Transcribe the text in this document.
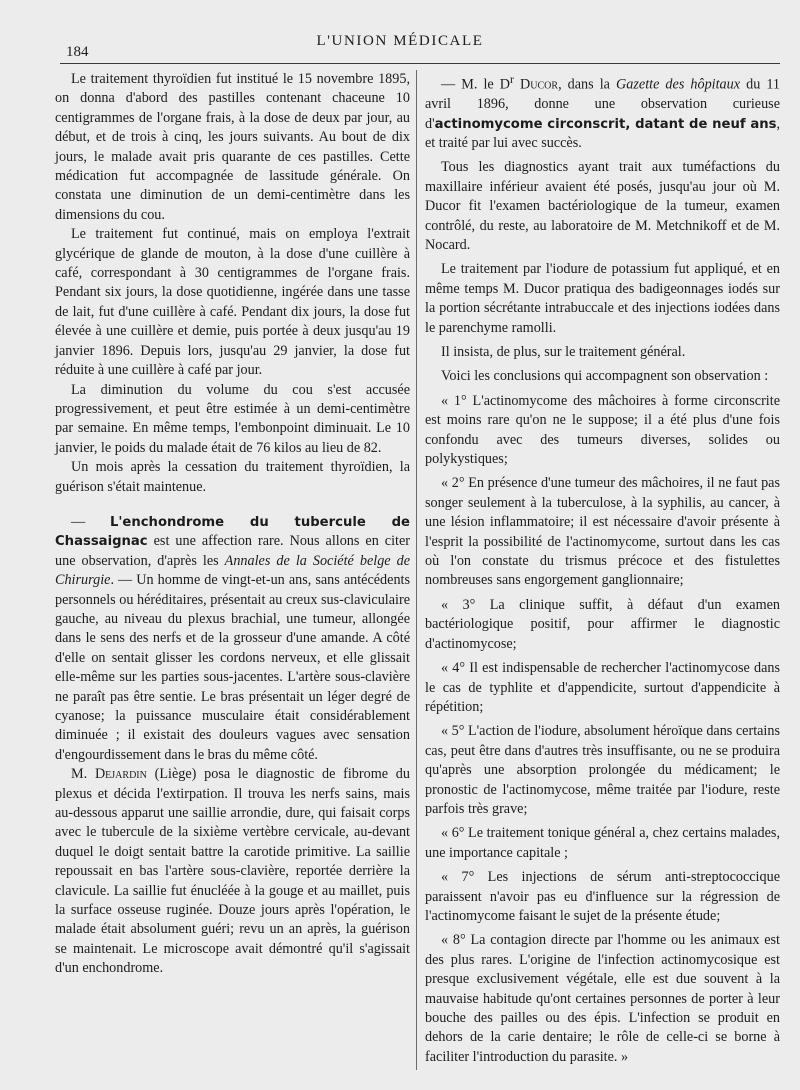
184
L'UNION MÉDICALE

Le traitement thyroïdien fut institué le 15 novembre 1895, on donna d'abord des pastilles contenant chaceune 10 centigrammes de l'organe frais, à la dose de deux par jour, au début, et de trois à cinq, les jours suivants. Au bout de dix jours, le malade avait pris quarante de ces pastilles. Cette médication fut accompagnée de lassitude générale. On constata une diminution de un demi-centimètre dans les dimensions du cou.

Le traitement fut continué, mais on employa l'extrait glycérique de glande de mouton, à la dose d'une cuillère à café, correspondant à 30 centigrammes de l'organe frais. Pendant six jours, la dose quotidienne, ingérée dans une tasse de lait, fut d'une cuillère à café. Pendant dix jours, la dose fut élevée à une cuillère et demie, puis portée à deux jusqu'au 19 janvier 1896. Depuis lors, jusqu'au 29 janvier, la dose fut réduite à une cuillère à café par jour.

La diminution du volume du cou s'est accusée progressivement, et peut être estimée à un demi-centimètre par semaine. En même temps, l'embonpoint diminuait. Le 10 janvier, le poids du malade était de 76 kilos au lieu de 82.

Un mois après la cessation du traitement thyroïdien, la guérison s'était maintenue.

— L'enchondrome du tubercule de Chassaignac est une affection rare. Nous allons en citer une observation, d'après les Annales de la Société belge de Chirurgie. — Un homme de vingt-et-un ans, sans antécédents personnels ou héréditaires, présentait au creux sus-claviculaire gauche, au niveau du plexus brachial, une tumeur, allongée dans le sens des nerfs et de la grosseur d'une amande. A côté d'elle on sentait glisser les cordons nerveux, et elle glissait elle-même sur les parties sous-jacentes. L'artère sous-clavière ne paraît pas être sentie. Le bras présentait un léger degré de cyanose; la puissance musculaire était considérablement diminuée ; il existait des douleurs vagues avec sensation d'engourdissement dans le bras du même côté.

M. Dejardin (Liège) posa le diagnostic de fibrome du plexus et décida l'extirpation. Il trouva les nerfs sains, mais au-dessous apparut une saillie arrondie, dure, qui faisait corps avec le tubercule de la sixième vertèbre cervicale, au-devant duquel le doigt sentait battre la carotide primitive. La saillie repoussait en bas l'artère sous-clavière, reportée derrière la clavicule. La saillie fut énucléée à la gouge et au maillet, puis la surface osseuse ruginée. Douze jours après l'opération, le malade était absolument guéri; revu un an après, la guérison se maintenait. Le microscope avait démontré qu'il s'agissait d'un enchondrome.

— M. le $D^r$ Ducor, dans la Gazette des hôpitaux du 11 avril 1896, donne une observation curieuse d'actinomycome circonscrit, datant de neuf ans, et traité par lui avec succès.

Tous les diagnostics ayant trait aux tuméfactions du maxillaire inférieur avaient été posés, jusqu'au jour où M. Ducor fit l'examen bactériologique de la tumeur, examen contrôlé, du reste, au laboratoire de M. Metchnikoff et de M. Nocard.

Le traitement par l'iodure de potassium fut appliqué, et en même temps M. Ducor pratiqua des badigeonnages iodés sur la portion sécrétante intrabuccale et des injections iodées dans le parenchyme ramolli.

Il insista, de plus, sur le traitement général.

Voici les conclusions qui accompagnent son observation :

« 1° L'actinomycome des mâchoires à forme circonscrite est moins rare qu'on ne le suppose; il a été plus d'une fois confondu avec des tumeurs diverses, solides ou polykystiques;

« 2° En présence d'une tumeur des mâchoires, il ne faut pas songer seulement à la tuberculose, à la syphilis, au cancer, à une lésion inflammatoire; il est nécessaire d'avoir présente à l'esprit la possibilité de l'actinomycome, surtout dans les cas où l'on constate du trismus précoce et des fistulettes nombreuses sans engorgement ganglionnaire;

« 3° La clinique suffit, à défaut d'un examen bactériologique positif, pour affirmer le diagnostic d'actinomycose;

« 4° Il est indispensable de rechercher l'actinomycose dans le cas de typhlite et d'appendicite, surtout d'appendicite à répétition;

« 5° L'action de l'iodure, absolument héroïque dans certains cas, peut être dans d'autres très insuffisante, ou ne se produira qu'après une absorption prolongée du médicament; le pronostic de l'actinomycose, même traitée par l'iodure, reste parfois très grave;

« 6° Le traitement tonique général a, chez certains malades, une importance capitale ;

« 7° Les injections de sérum anti-streptococcique paraissent n'avoir pas eu d'influence sur la régression de l'actinomycome faisant le sujet de la présente étude;

« 8° La contagion directe par l'homme ou les animaux est des plus rares. L'origine de l'infection actinomycosique est presque exclusivement végétale, elle est due souvent à la mauvaise habitude qu'ont certaines personnes de porter à leur bouche des pailles ou des épis. L'infection se produit en dehors de la carie dentaire; le rôle de celle-ci se borne à faciliter l'introduction du parasite. »
